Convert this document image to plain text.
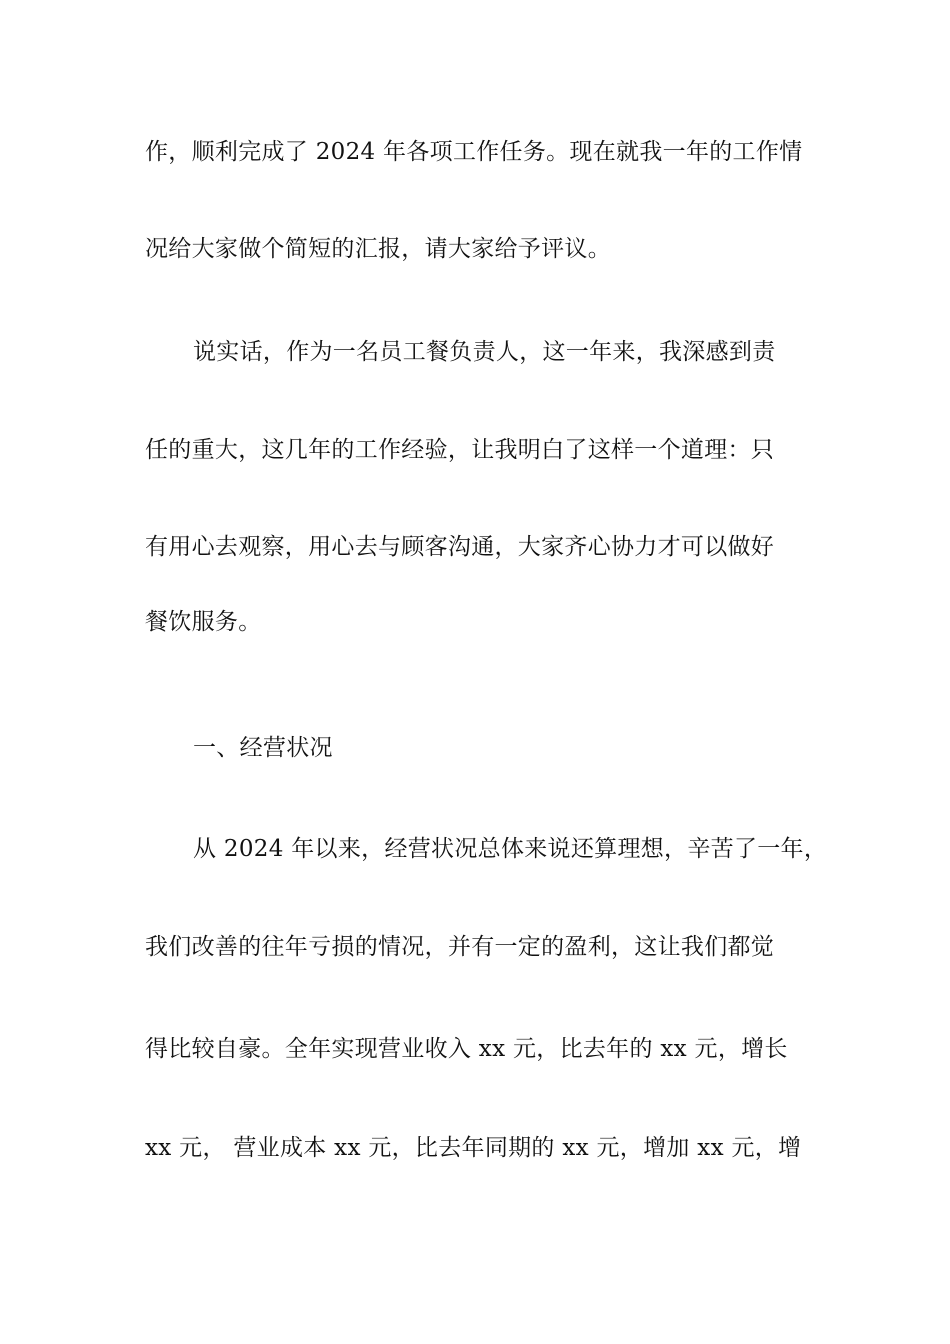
作，顺利完成了 2024 年各项工作任务。现在就我一年的工作情
况给大家做个简短的汇报，请大家给予评议。
说实话，作为一名员工餐负责人，这一年来，我深感到责
任的重大，这几年的工作经验，让我明白了这样一个道理：只
有用心去观察，用心去与顾客沟通，大家齐心协力才可以做好
餐饮服务。
一、经营状况
从 2024 年以来，经营状况总体来说还算理想，辛苦了一年，
我们改善的往年亏损的情况，并有一定的盈利，这让我们都觉
得比较自豪。全年实现营业收入 xx 元，比去年的 xx 元，增长
xx 元， 营业成本 xx 元，比去年同期的 xx 元，增加 xx 元，增
